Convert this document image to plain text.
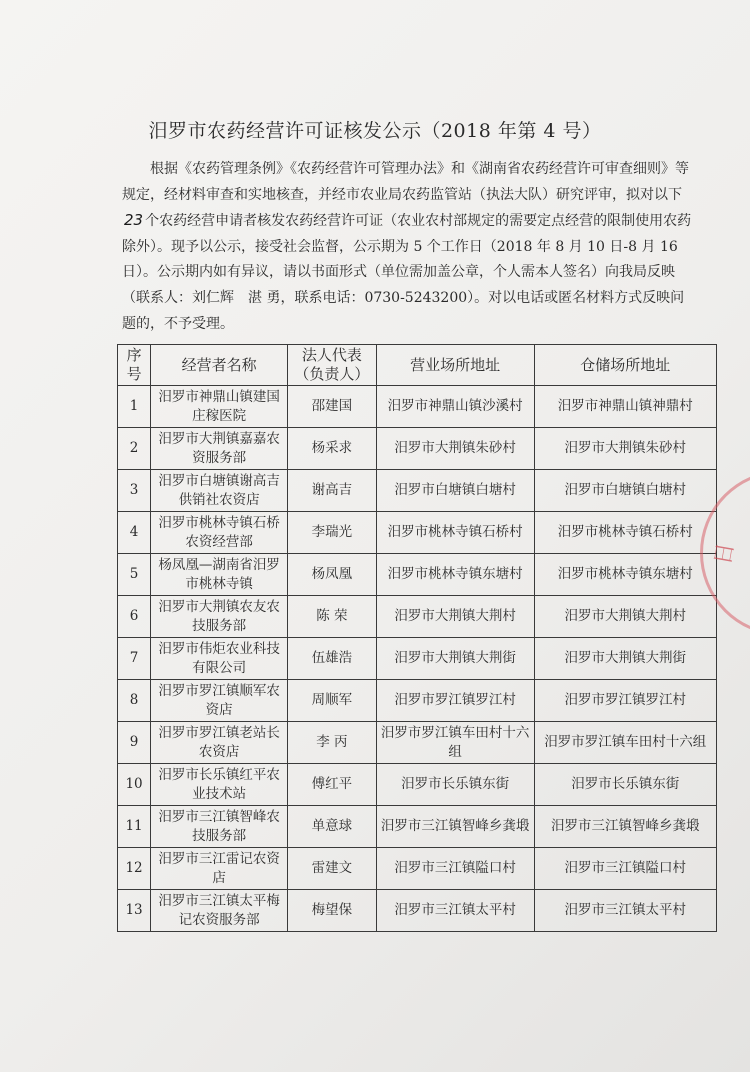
汨罗市农药经营许可证核发公示（2018 年第 4 号）

根据《农药管理条例》《农药经营许可管理办法》和《湖南省农药经营许可审查细则》等规定，经材料审查和实地核查，并经市农业局农药监管站（执法大队）研究评审，拟对以下23 个农药经营申请者核发农药经营许可证（农业农村部规定的需要定点经营的限制使用农药除外）。现予以公示，接受社会监督，公示期为 5 个工作日（2018 年 8 月 10 日-8 月 16 日）。公示期内如有异议，请以书面形式（单位需加盖公章，个人需本人签名）向我局反映（联系人：刘仁辉　湛 勇，联系电话：0730-5243200）。对以电话或匿名材料方式反映问题的，不予受理。

序号	经营者名称	法人代表（负责人）	营业场所地址	仓储场所地址
1	汨罗市神鼎山镇建国庄稼医院	邵建国	汨罗市神鼎山镇沙溪村	汨罗市神鼎山镇神鼎村
2	汨罗市大荆镇嘉嘉农资服务部	杨采求	汨罗市大荆镇朱砂村	汨罗市大荆镇朱砂村
3	汨罗市白塘镇谢高吉供销社农资店	谢高吉	汨罗市白塘镇白塘村	汨罗市白塘镇白塘村
4	汨罗市桃林寺镇石桥农资经营部	李瑞光	汨罗市桃林寺镇石桥村	汨罗市桃林寺镇石桥村
5	杨凤凰—湖南省汨罗市桃林寺镇	杨凤凰	汨罗市桃林寺镇东塘村	汨罗市桃林寺镇东塘村
6	汨罗市大荆镇农友农技服务部	陈 荣	汨罗市大荆镇大荆村	汨罗市大荆镇大荆村
7	汨罗市伟炬农业科技有限公司	伍雄浩	汨罗市大荆镇大荆街	汨罗市大荆镇大荆街
8	汨罗市罗江镇顺军农资店	周顺军	汨罗市罗江镇罗江村	汨罗市罗江镇罗江村
9	汨罗市罗江镇老站长农资店	李 丙	汨罗市罗江镇车田村十六组	汨罗市罗江镇车田村十六组
10	汨罗市长乐镇红平农业技术站	傅红平	汨罗市长乐镇东街	汨罗市长乐镇东街
11	汨罗市三江镇智峰农技服务部	单意球	汨罗市三江镇智峰乡龚塅	汨罗市三江镇智峰乡龚塅
12	汨罗市三江雷记农资店	雷建文	汨罗市三江镇隘口村	汨罗市三江镇隘口村
13	汨罗市三江镇太平梅记农资服务部	梅望保	汨罗市三江镇太平村	汨罗市三江镇太平村
日
